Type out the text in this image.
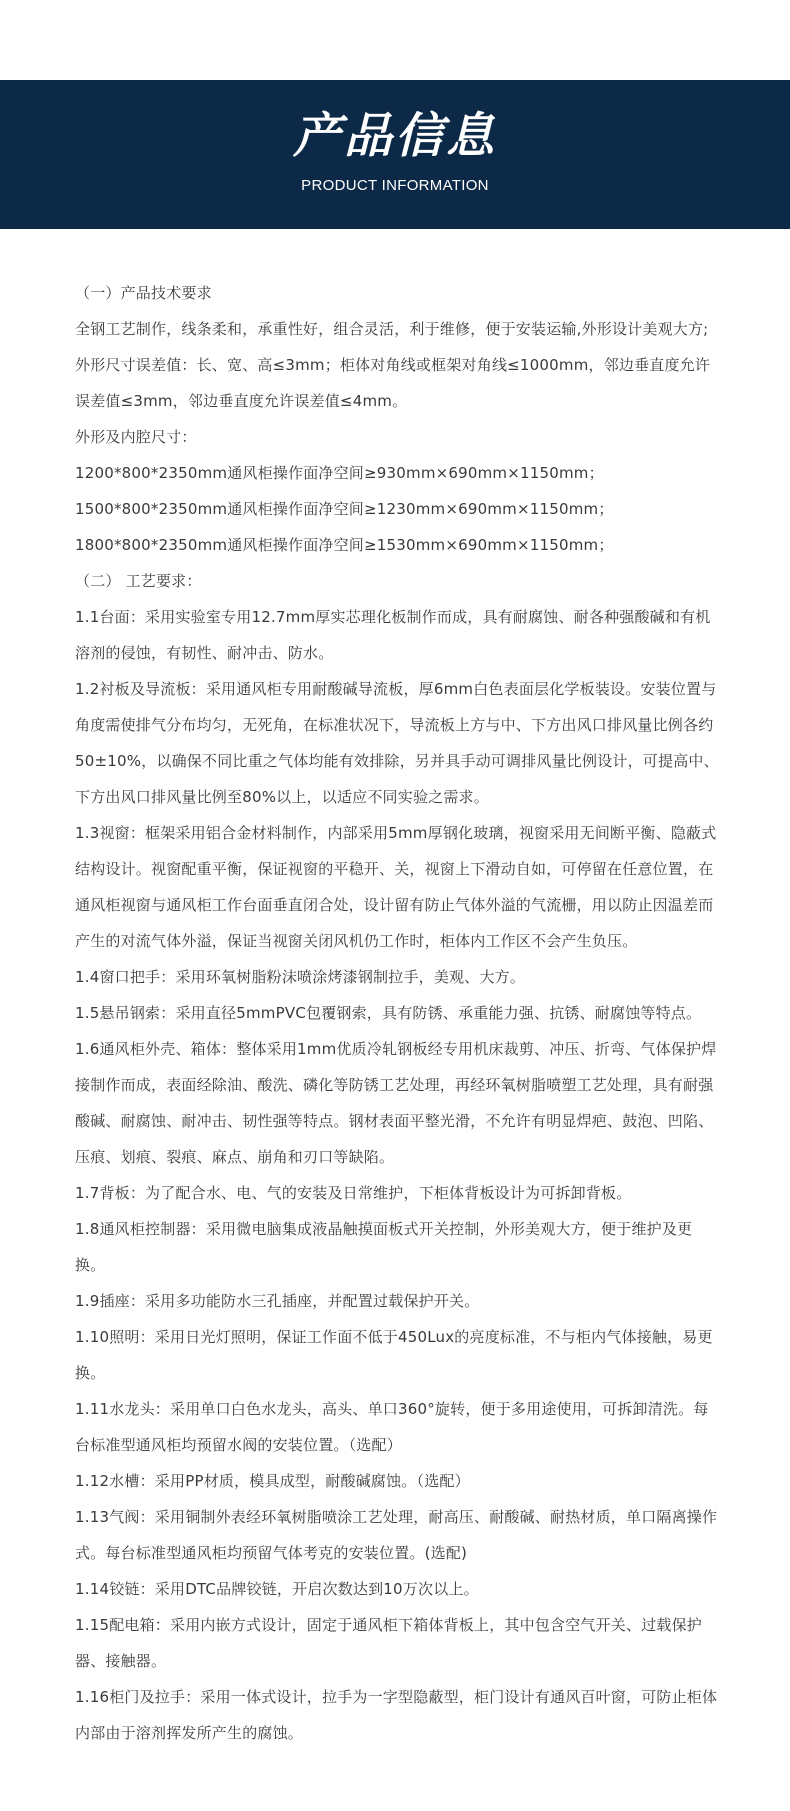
产品信息
PRODUCT INFORMATION

（一）产品技术要求

全钢工艺制作，线条柔和，承重性好，组合灵活，利于维修，便于安装运输,外形设计美观大方;外形尺寸误差值：长、宽、高≤3mm；柜体对角线或框架对角线≤1000mm，邻边垂直度允许误差值≤3mm，邻边垂直度允许误差值≤4mm。

外形及内腔尺寸：

1200*800*2350mm通风柜操作面净空间≥930mm×690mm×1150mm；

1500*800*2350mm通风柜操作面净空间≥1230mm×690mm×1150mm；

1800*800*2350mm通风柜操作面净空间≥1530mm×690mm×1150mm；

（二） 工艺要求：

1.1台面：采用实验室专用12.7mm厚实芯理化板制作而成，具有耐腐蚀、耐各种强酸碱和有机溶剂的侵蚀，有韧性、耐冲击、防水。

1.2衬板及导流板：采用通风柜专用耐酸碱导流板，厚6mm白色表面层化学板装设。安装位置与角度需使排气分布均匀，无死角，在标准状况下，导流板上方与中、下方出风口排风量比例各约50±10%，以确保不同比重之气体均能有效排除，另并具手动可调排风量比例设计，可提高中、下方出风口排风量比例至80%以上，以适应不同实验之需求。

1.3视窗：框架采用铝合金材料制作，内部采用5mm厚钢化玻璃，视窗采用无间断平衡、隐蔽式结构设计。视窗配重平衡，保证视窗的平稳开、关，视窗上下滑动自如，可停留在任意位置，在通风柜视窗与通风柜工作台面垂直闭合处，设计留有防止气体外溢的气流栅，用以防止因温差而产生的对流气体外溢，保证当视窗关闭风机仍工作时，柜体内工作区不会产生负压。

1.4窗口把手：采用环氧树脂粉沫喷涂烤漆钢制拉手，美观、大方。

1.5悬吊钢索：采用直径5mmPVC包覆钢索，具有防锈、承重能力强、抗锈、耐腐蚀等特点。

1.6通风柜外壳、箱体：整体采用1mm优质冷轧钢板经专用机床裁剪、冲压、折弯、气体保护焊接制作而成，表面经除油、酸洗、磷化等防锈工艺处理，再经环氧树脂喷塑工艺处理，具有耐强酸碱、耐腐蚀、耐冲击、韧性强等特点。钢材表面平整光滑，不允许有明显焊疤、鼓泡、凹陷、压痕、划痕、裂痕、麻点、崩角和刃口等缺陷。

1.7背板：为了配合水、电、气的安装及日常维护，下柜体背板设计为可拆卸背板。

1.8通风柜控制器：采用微电脑集成液晶触摸面板式开关控制，外形美观大方，便于维护及更换。

1.9插座：采用多功能防水三孔插座，并配置过载保护开关。

1.10照明：采用日光灯照明，保证工作面不低于450Lux的亮度标准，不与柜内气体接触，易更换。

1.11水龙头：采用单口白色水龙头，高头、单口360°旋转，便于多用途使用，可拆卸清洗。每台标准型通风柜均预留水阀的安装位置。（选配）

1.12水槽：采用PP材质，模具成型，耐酸碱腐蚀。（选配）

1.13气阀：采用铜制外表经环氧树脂喷涂工艺处理，耐高压、耐酸碱、耐热材质，单口隔离操作式。每台标准型通风柜均预留气体考克的安装位置。(选配)

1.14铰链：采用DTC品牌铰链，开启次数达到10万次以上。

1.15配电箱：采用内嵌方式设计，固定于通风柜下箱体背板上，其中包含空气开关、过载保护器、接触器。

1.16柜门及拉手：采用一体式设计，拉手为一字型隐蔽型，柜门设计有通风百叶窗，可防止柜体内部由于溶剂挥发所产生的腐蚀。
